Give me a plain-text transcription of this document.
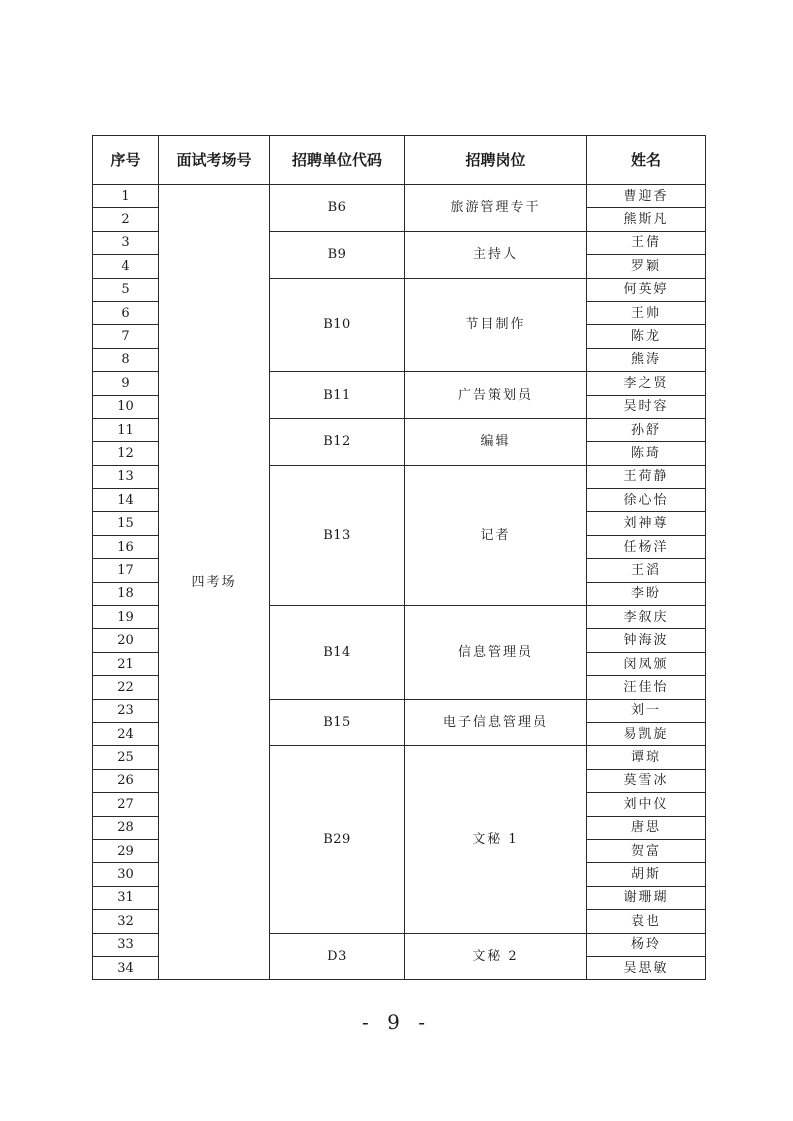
序号	面试考场号	招聘单位代码	招聘岗位	姓名
1	四考场	B6	旅游管理专干	曹迎香
2				熊斯凡
3		B9	主持人	王倩
4				罗颖
5		B10	节目制作	何英婷
6				王帅
7				陈龙
8				熊涛
9		B11	广告策划员	李之贤
10				吴时容
11		B12	编辑	孙舒
12				陈琦
13		B13	记者	王荷静
14				徐心怡
15				刘神尊
16				任杨洋
17				王滔
18				李盼
19		B14	信息管理员	李叙庆
20				钟海波
21				闵凤颁
22				汪佳怡
23		B15	电子信息管理员	刘一
24				易凯旋
25		B29	文秘 1	谭琼
26				莫雪冰
27				刘中仪
28				唐思
29				贺富
30				胡斯
31				谢珊瑚
32				袁也
33		D3	文秘 2	杨玲
34				吴思敏
- 9 -
